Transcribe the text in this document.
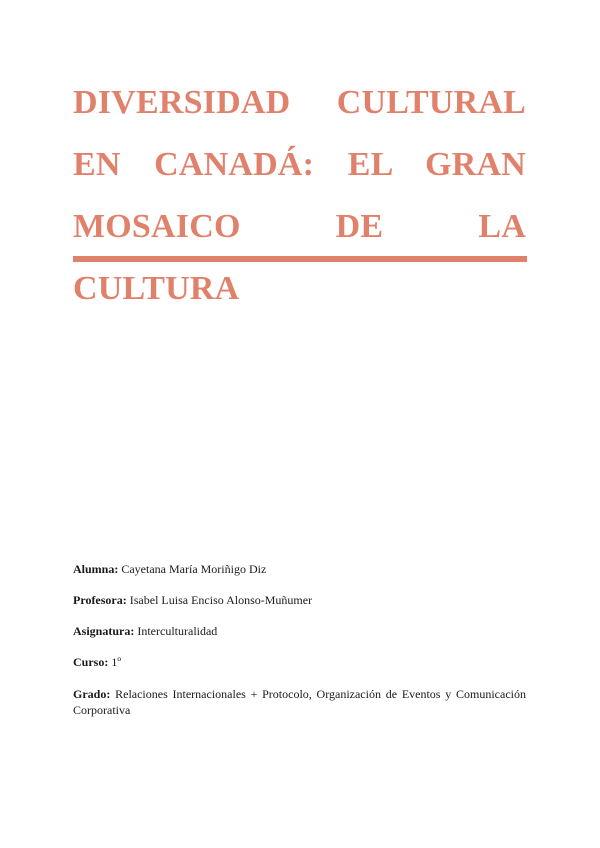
DIVERSIDAD CULTURAL
EN CANADÁ: EL GRAN
MOSAICO DE LA CULTURA

Alumna: Cayetana María Moriñigo Diz

Profesora: Isabel Luisa Enciso Alonso-Muñumer

Asignatura: Interculturalidad

Curso: 1º

Grado: Relaciones Internacionales + Protocolo, Organización de Eventos y Comunicación Corporativa
